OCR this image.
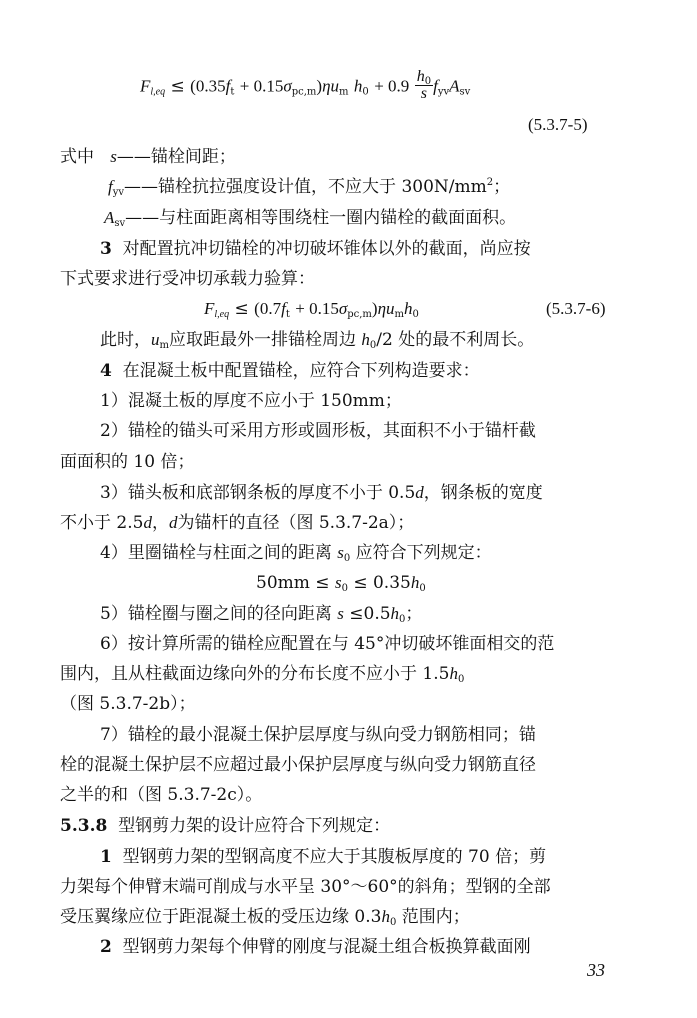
$F_{l,eq} \le (0.35f_t + 0.15\sigma_{pc,m})\eta u_m$ $h_0 + 0.9 \frac{h_0}{s} f_{yv}A_{sv}$
(5.3.7-5)
式中 s——锚栓间距；
$f_{yv}——$锚栓抗拉强度设计值，不应大于 $300N/mm^2$；
$A_{sv}——$与柱面距离相等围绕柱一圈内锚栓的截面面积。
3 对配置抗冲切锚栓的冲切破坏锥体以外的截面，尚应按
下式要求进行受冲切承载力验算：
$F_{l,eq} \le (0.7f_t + 0.15\sigma_{pc,m})\eta u_mh_0$	(5.3.7-6)
此时，$u_m$应取距最外一排锚栓周边 $h_0/2$ 处的最不利周长。
4 在混凝土板中配置锚栓，应符合下列构造要求：
1）混凝土板的厚度不应小于 150mm；
2）锚栓的锚头可采用方形或圆形板，其面积不小于锚杆截
面面积的 10 倍；
3）锚头板和底部钢条板的厚度不小于 0.5d，钢条板的宽度
不小于 2.5d，d为锚杆的直径（图 5.3.7-2a）；
4）里圈锚栓与柱面之间的距离 $s_0$ 应符合下列规定：
$50mm \le s_0 \le 0.35h_0$
5）锚栓圈与圈之间的径向距离 $s \le 0.5h_0$；
6）按计算所需的锚栓应配置在与 45°冲切破坏锥面相交的范
围内，且从柱截面边缘向外的分布长度不应小于 $1.5h_0$
（图 5.3.7-2b）；
7）锚栓的最小混凝土保护层厚度与纵向受力钢筋相同；锚
栓的混凝土保护层不应超过最小保护层厚度与纵向受力钢筋直径
之半的和（图 5.3.7-2c）。
5.3.8 型钢剪力架的设计应符合下列规定：
1 型钢剪力架的型钢高度不应大于其腹板厚度的 70 倍；剪
力架每个伸臂末端可削成与水平呈 30°～60°的斜角；型钢的全部
受压翼缘应位于距混凝土板的受压边缘 $0.3h_0$ 范围内；
2 型钢剪力架每个伸臂的刚度与混凝土组合板换算截面刚
33
